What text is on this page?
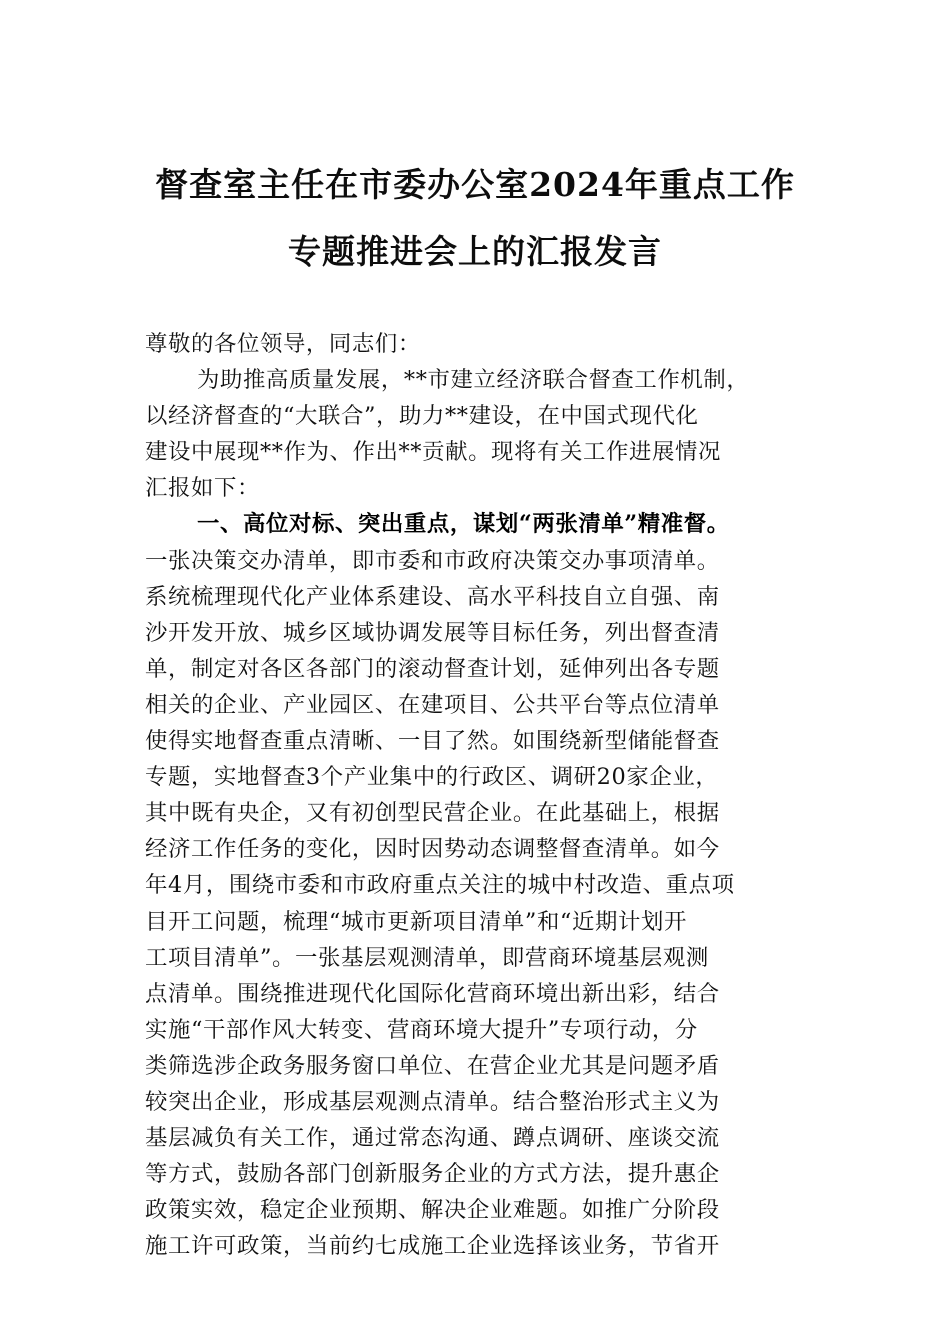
督查室主任在市委办公室2024年重点工作
专题推进会上的汇报发言
尊敬的各位领导，同志们：
为助推高质量发展，**市建立经济联合督查工作机制，
以经济督查的“大联合”，助力**建设，在中国式现代化
建设中展现**作为、作出**贡献。现将有关工作进展情况
汇报如下：
一、高位对标、突出重点，谋划“两张清单”精准督。
一张决策交办清单，即市委和市政府决策交办事项清单。
系统梳理现代化产业体系建设、高水平科技自立自强、南
沙开发开放、城乡区域协调发展等目标任务，列出督查清
单，制定对各区各部门的滚动督查计划，延伸列出各专题
相关的企业、产业园区、在建项目、公共平台等点位清单
使得实地督查重点清晰、一目了然。如围绕新型储能督查
专题，实地督查3个产业集中的行政区、调研20家企业，
其中既有央企，又有初创型民营企业。在此基础上，根据
经济工作任务的变化，因时因势动态调整督查清单。如今
年4月，围绕市委和市政府重点关注的城中村改造、重点项
目开工问题，梳理“城市更新项目清单”和“近期计划开
工项目清单”。一张基层观测清单，即营商环境基层观测
点清单。围绕推进现代化国际化营商环境出新出彩，结合
实施“干部作风大转变、营商环境大提升”专项行动，分
类筛选涉企政务服务窗口单位、在营企业尤其是问题矛盾
较突出企业，形成基层观测点清单。结合整治形式主义为
基层减负有关工作，通过常态沟通、蹲点调研、座谈交流
等方式，鼓励各部门创新服务企业的方式方法，提升惠企
政策实效，稳定企业预期、解决企业难题。如推广分阶段
施工许可政策，当前约七成施工企业选择该业务，节省开
